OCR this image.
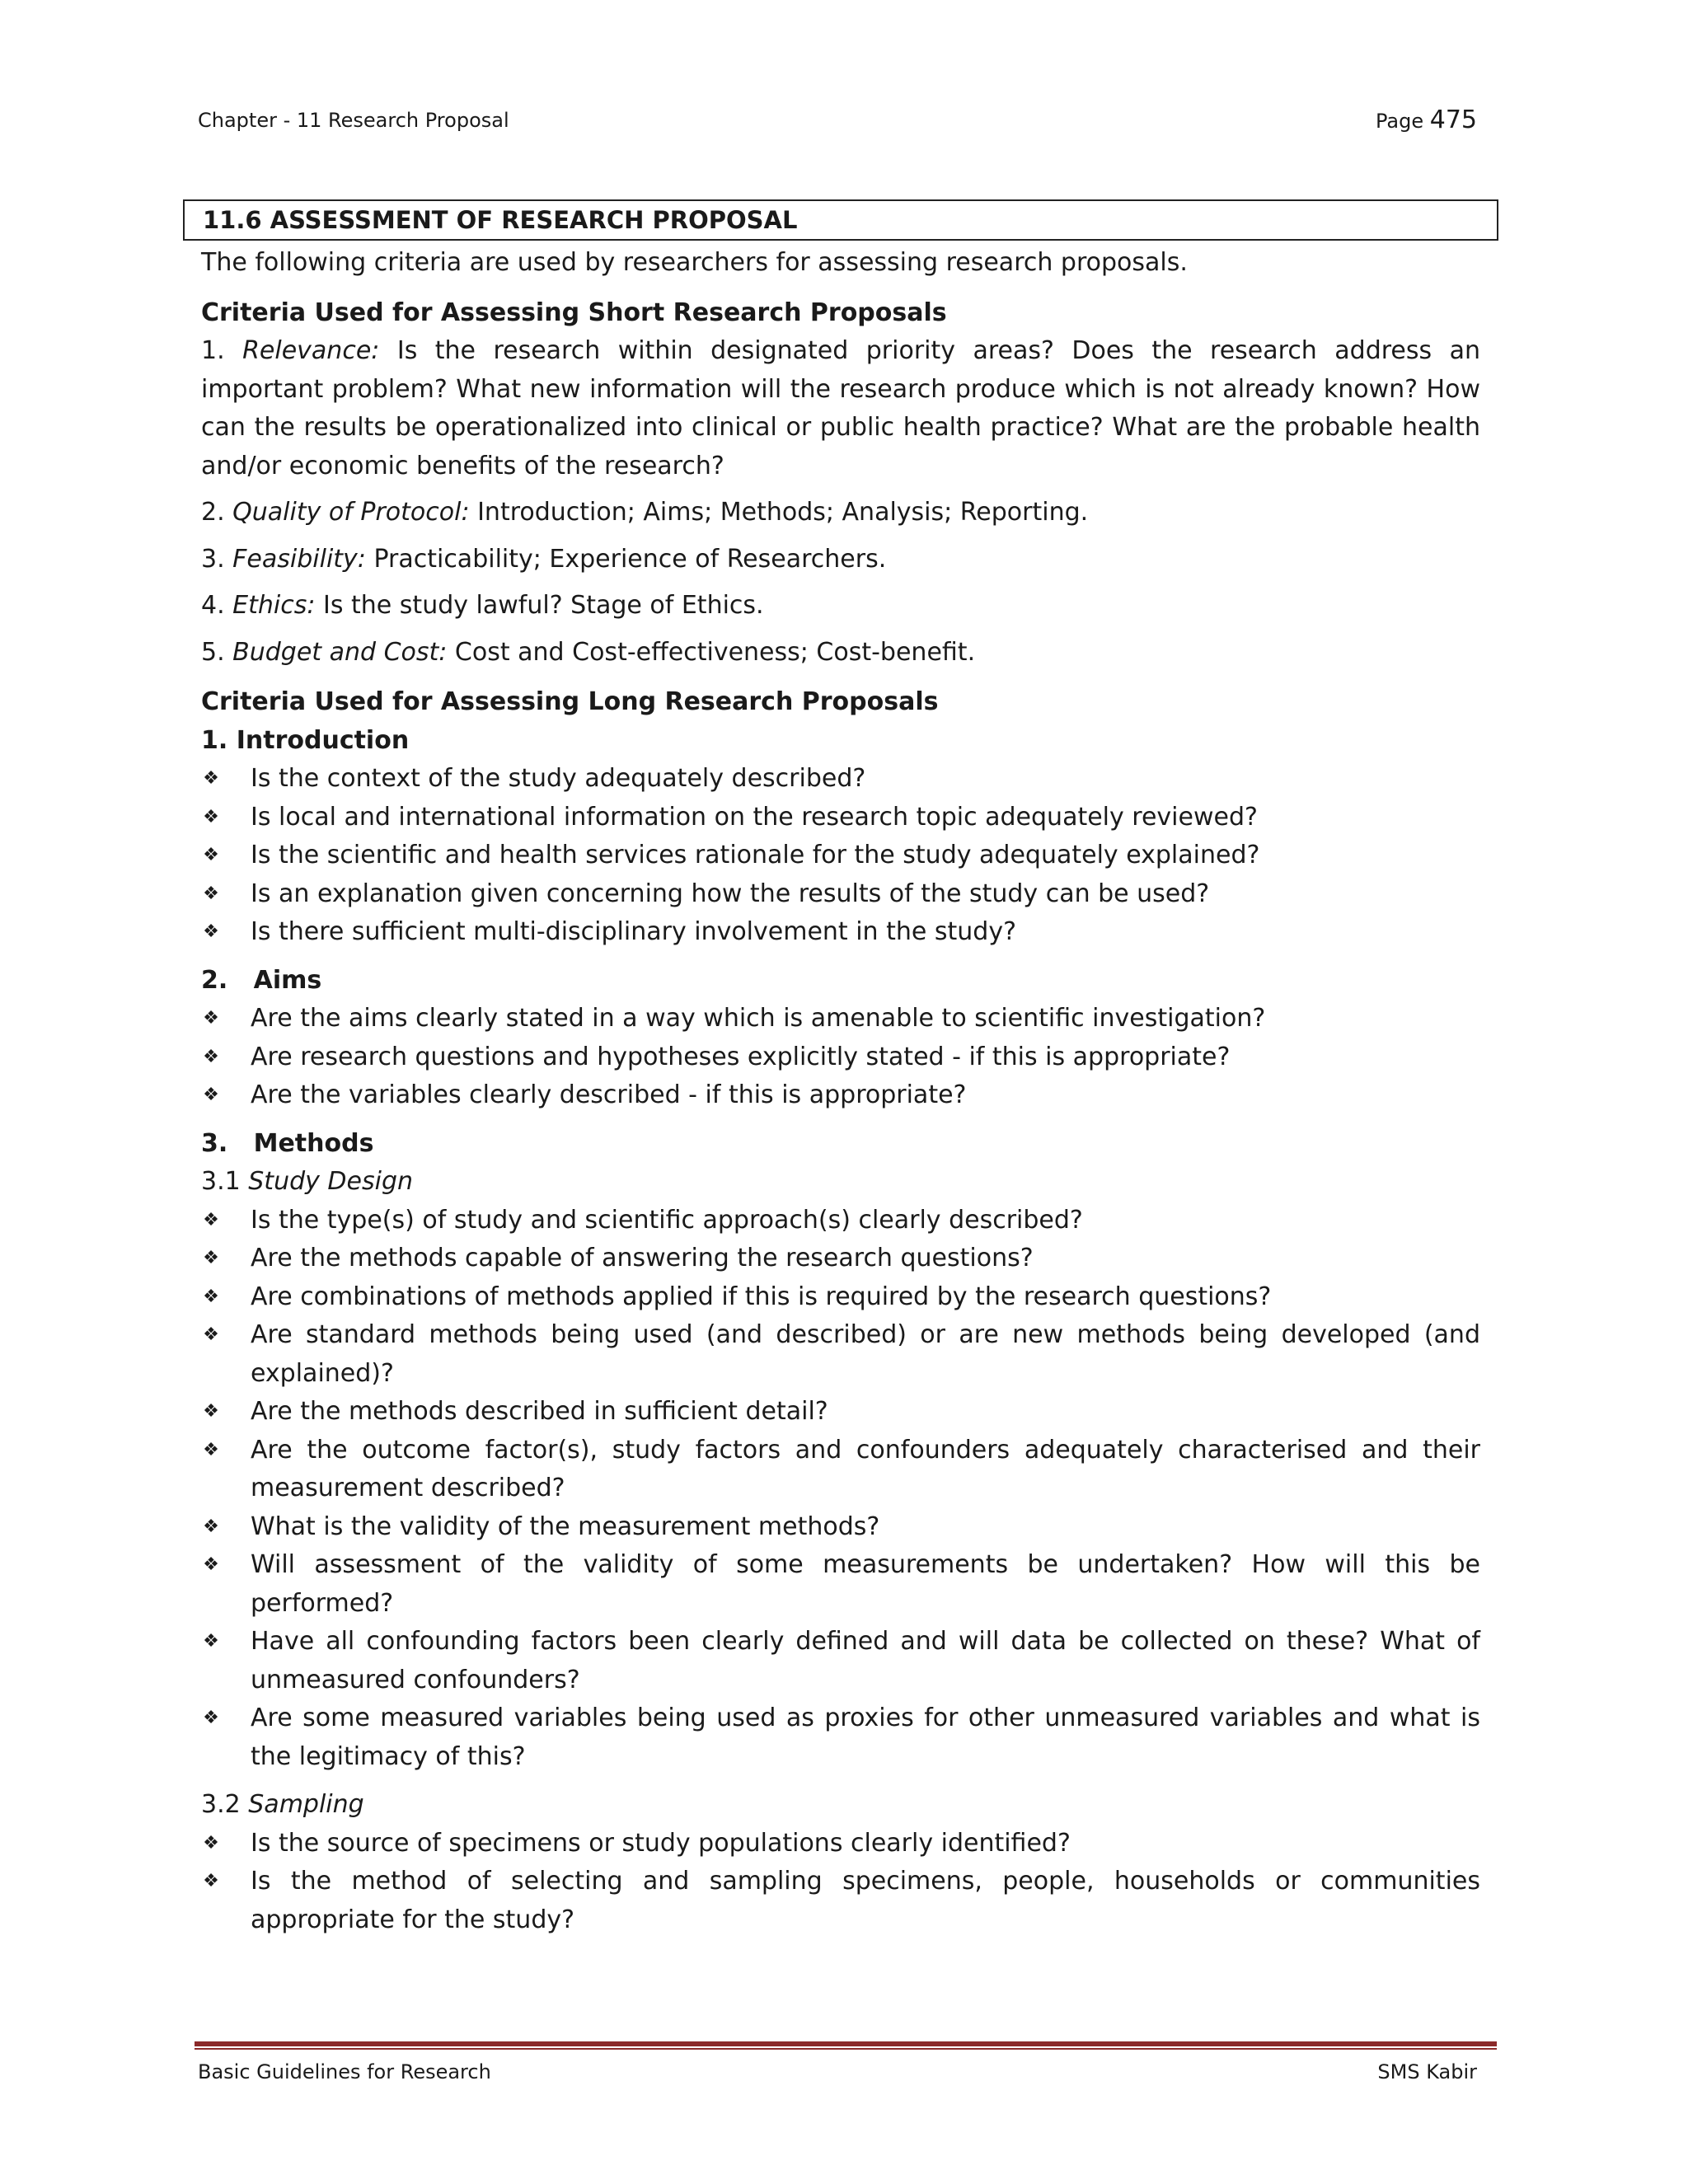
Chapter - 11 Research Proposal	Page 475
11.6 ASSESSMENT OF RESEARCH PROPOSAL

The following criteria are used by researchers for assessing research proposals.

Criteria Used for Assessing Short Research Proposals

1. Relevance: Is the research within designated priority areas? Does the research address an important problem? What new information will the research produce which is not already known? How can the results be operationalized into clinical or public health practice? What are the probable health and/or economic benefits of the research?

2. Quality of Protocol: Introduction; Aims; Methods; Analysis; Reporting.

3. Feasibility: Practicability; Experience of Researchers.

4. Ethics: Is the study lawful? Stage of Ethics.

5. Budget and Cost: Cost and Cost-effectiveness; Cost-benefit.

Criteria Used for Assessing Long Research Proposals

1. Introduction

❖ Is the context of the study adequately described?
❖ Is local and international information on the research topic adequately reviewed?
❖ Is the scientific and health services rationale for the study adequately explained?
❖ Is an explanation given concerning how the results of the study can be used?
❖ Is there sufficient multi-disciplinary involvement in the study?

2.   Aims

❖ Are the aims clearly stated in a way which is amenable to scientific investigation?
❖ Are research questions and hypotheses explicitly stated - if this is appropriate?
❖ Are the variables clearly described - if this is appropriate?

3.   Methods

3.1 Study Design

❖ Is the type(s) of study and scientific approach(s) clearly described?
❖ Are the methods capable of answering the research questions?
❖ Are combinations of methods applied if this is required by the research questions?
❖ Are standard methods being used (and described) or are new methods being developed (and explained)?
❖ Are the methods described in sufficient detail?
❖ Are the outcome factor(s), study factors and confounders adequately characterised and their measurement described?
❖ What is the validity of the measurement methods?
❖ Will assessment of the validity of some measurements be undertaken? How will this be performed?
❖ Have all confounding factors been clearly defined and will data be collected on these? What of unmeasured confounders?
❖ Are some measured variables being used as proxies for other unmeasured variables and what is the legitimacy of this?

3.2 Sampling

❖ Is the source of specimens or study populations clearly identified?
❖ Is the method of selecting and sampling specimens, people, households or communities appropriate for the study?
Basic Guidelines for Research	SMS Kabir
